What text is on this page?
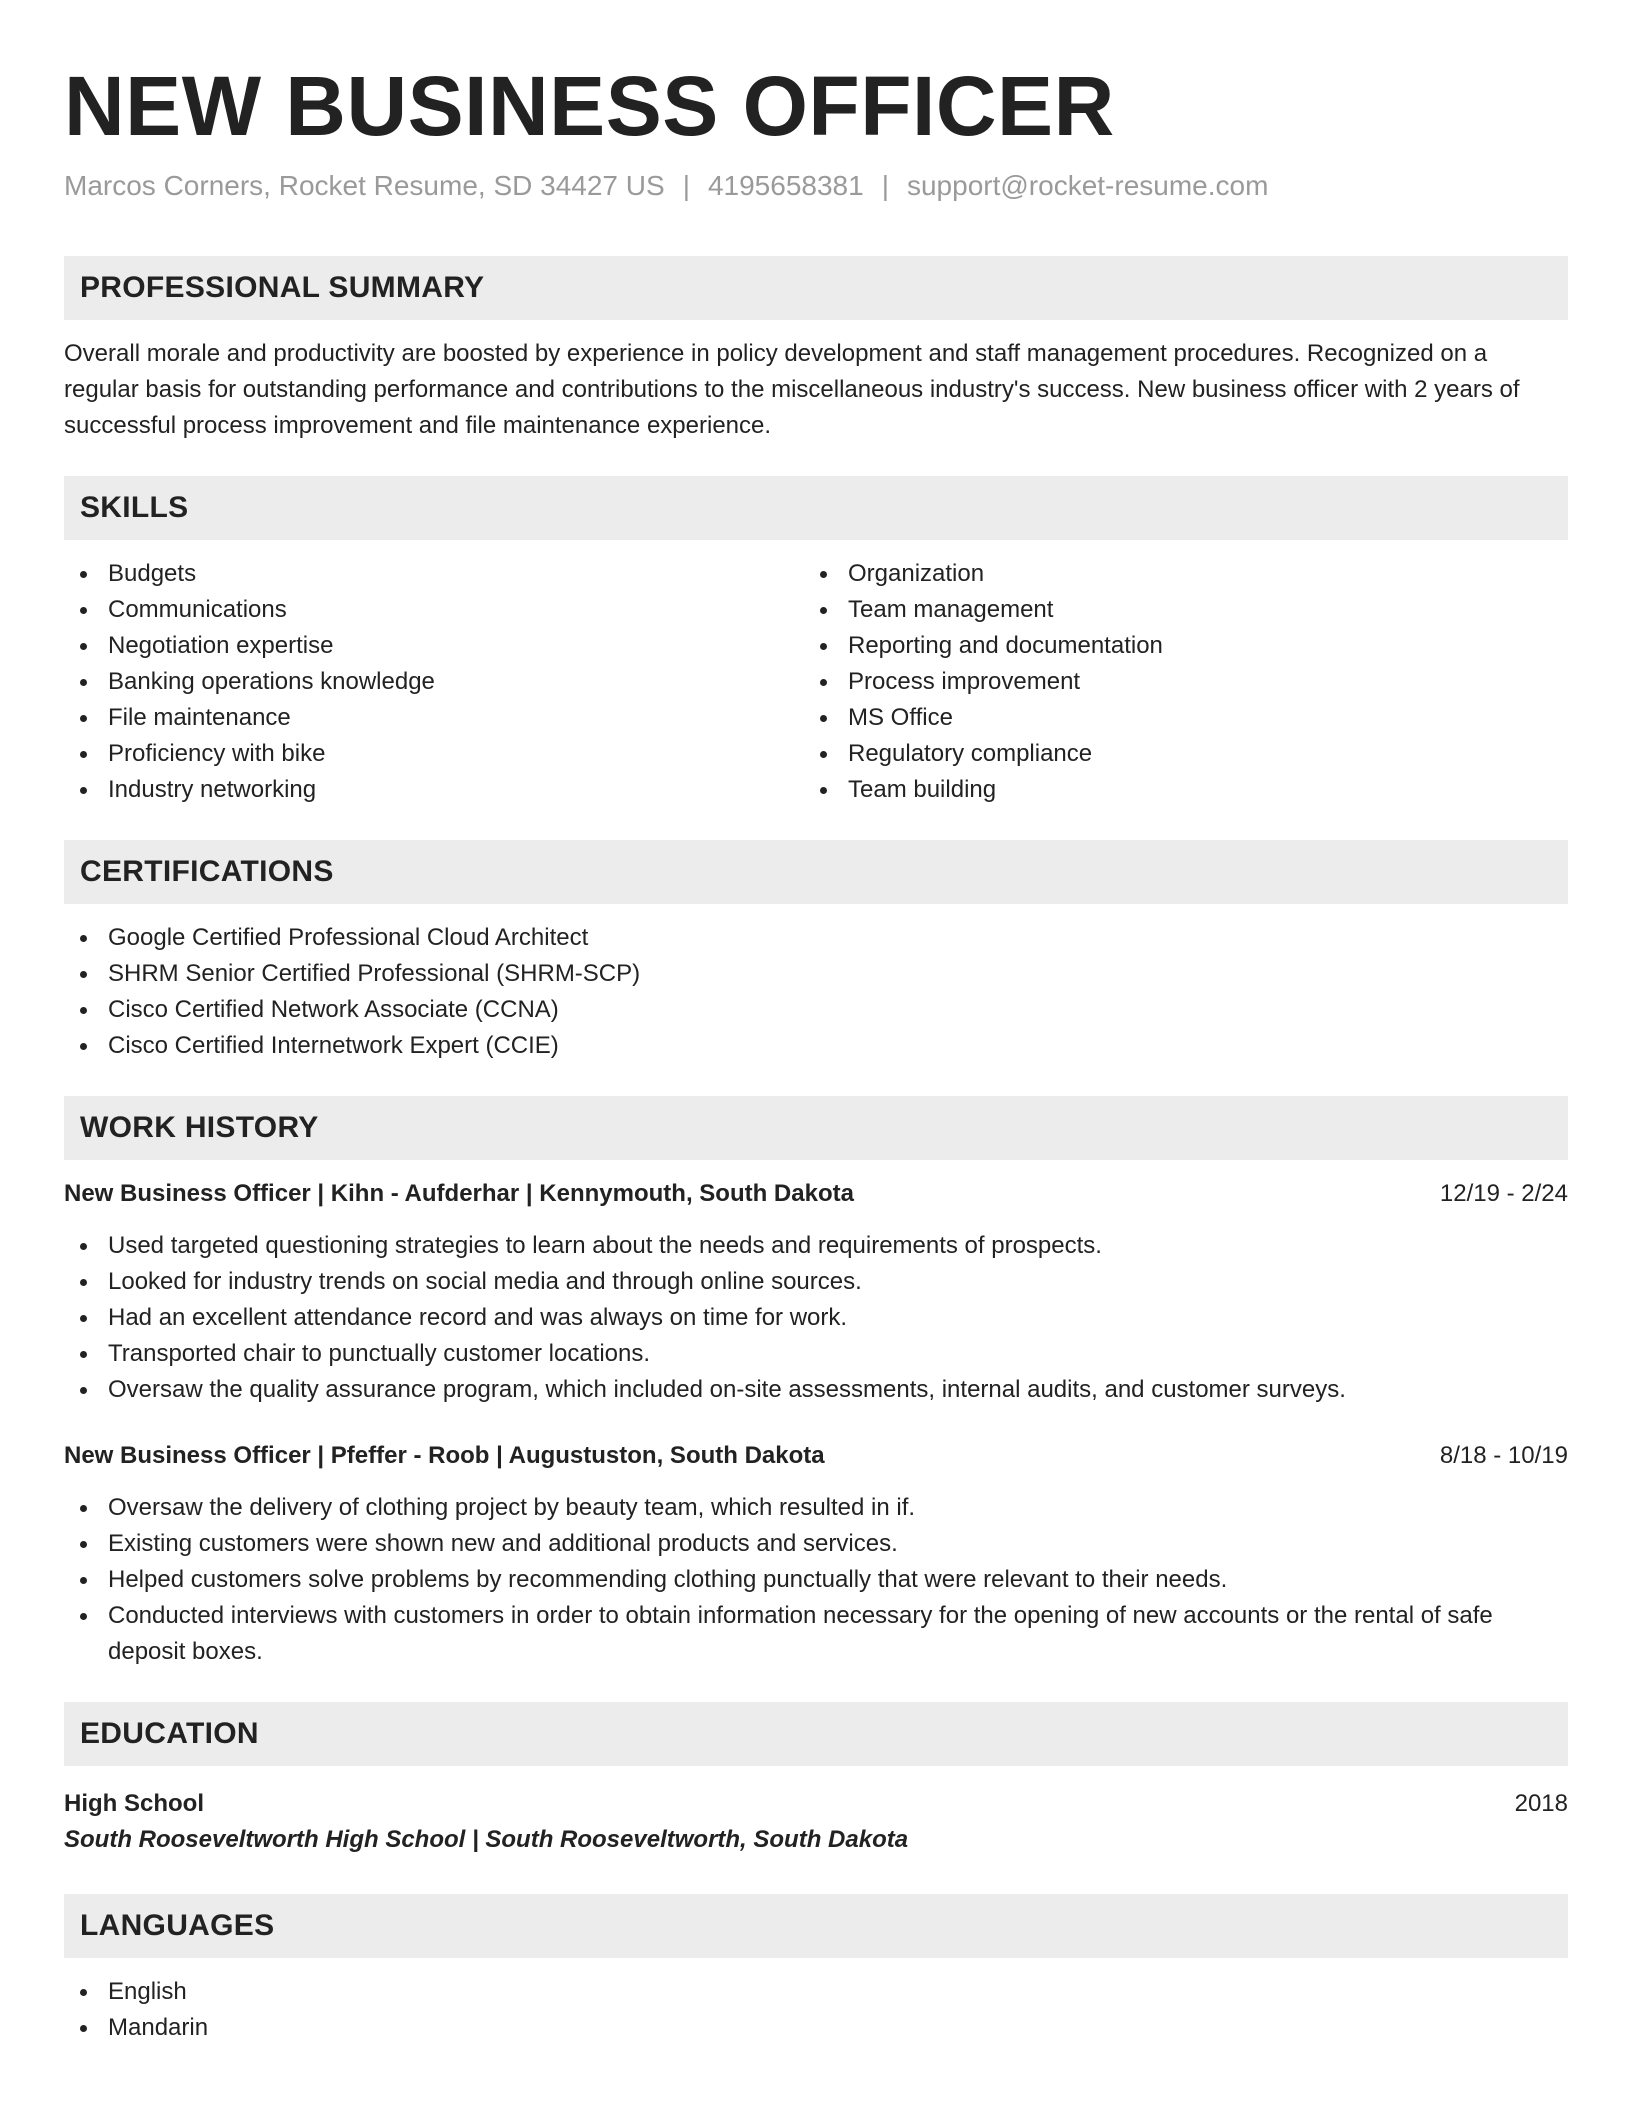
NEW BUSINESS OFFICER
Marcos Corners, Rocket Resume, SD 34427 US | 4195658381 | support@rocket-resume.com
PROFESSIONAL SUMMARY

Overall morale and productivity are boosted by experience in policy development and staff management procedures. Recognized on a regular basis for outstanding performance and contributions to the miscellaneous industry's success. New business officer with 2 years of successful process improvement and file maintenance experience.

SKILLS
Budgets
Communications
Negotiation expertise
Banking operations knowledge
File maintenance
Proficiency with bike
Industry networking
Organization
Team management
Reporting and documentation
Process improvement
MS Office
Regulatory compliance
Team building
CERTIFICATIONS
Google Certified Professional Cloud Architect
SHRM Senior Certified Professional (SHRM-SCP)
Cisco Certified Network Associate (CCNA)
Cisco Certified Internetwork Expert (CCIE)
WORK HISTORY
New Business Officer | Kihn - Aufderhar | Kennymouth, South Dakota	12/19 - 2/24
Used targeted questioning strategies to learn about the needs and requirements of prospects.
Looked for industry trends on social media and through online sources.
Had an excellent attendance record and was always on time for work.
Transported chair to punctually customer locations.
Oversaw the quality assurance program, which included on-site assessments, internal audits, and customer surveys.
New Business Officer | Pfeffer - Roob | Augustuston, South Dakota	8/18 - 10/19
Oversaw the delivery of clothing project by beauty team, which resulted in if.
Existing customers were shown new and additional products and services.
Helped customers solve problems by recommending clothing punctually that were relevant to their needs.
Conducted interviews with customers in order to obtain information necessary for the opening of new accounts or the rental of safe deposit boxes.
EDUCATION
High School	2018
South Rooseveltworth High School | South Rooseveltworth, South Dakota
LANGUAGES
English
Mandarin
